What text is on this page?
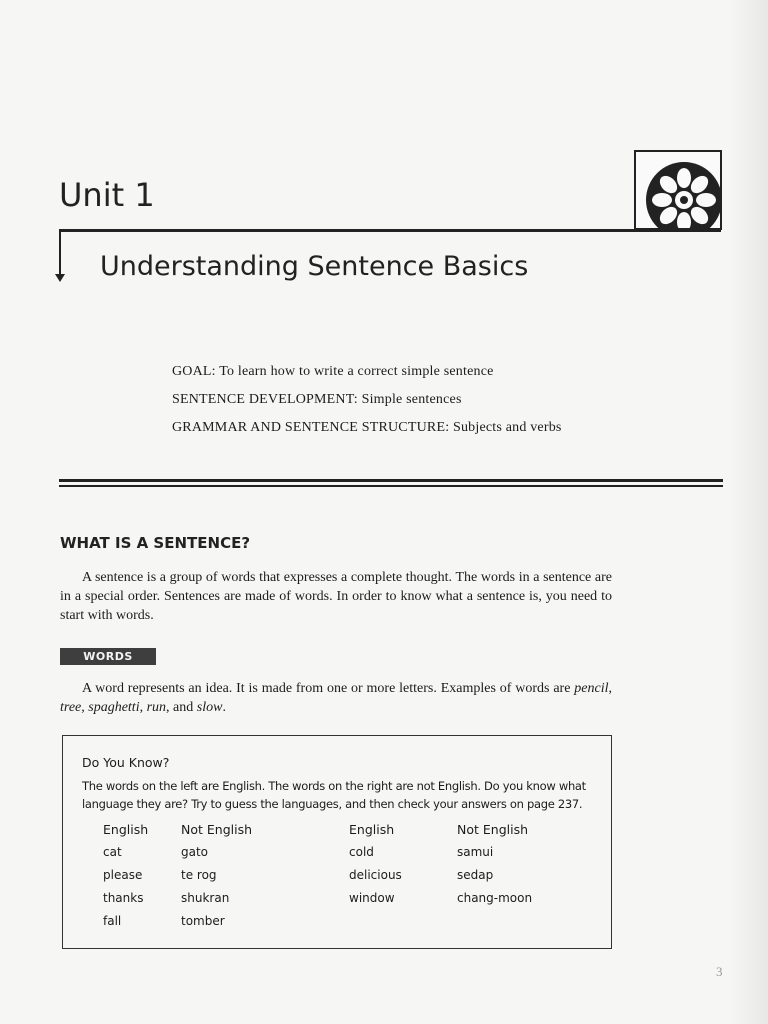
Unit 1
Understanding Sentence Basics
GOAL: To learn how to write a correct simple sentence
SENTENCE DEVELOPMENT: Simple sentences
GRAMMAR AND SENTENCE STRUCTURE: Subjects and verbs
WHAT IS A SENTENCE?
A sentence is a group of words that expresses a complete thought. The words in a sentence are in a special order. Sentences are made of words. In order to know what a sentence is, you need to start with words.
WORDS
A word represents an idea. It is made from one or more letters. Examples of words are pencil, tree, spaghetti, run, and slow.
Do You Know?
The words on the left are English. The words on the right are not English. Do you know what language they are? Try to guess the languages, and then check your answers on page 237.
English
cat
please
thanks
fall
Not English
gato
te rog
shukran
tomber
English
cold
delicious
window
Not English
samui
sedap
chang-moon
3
